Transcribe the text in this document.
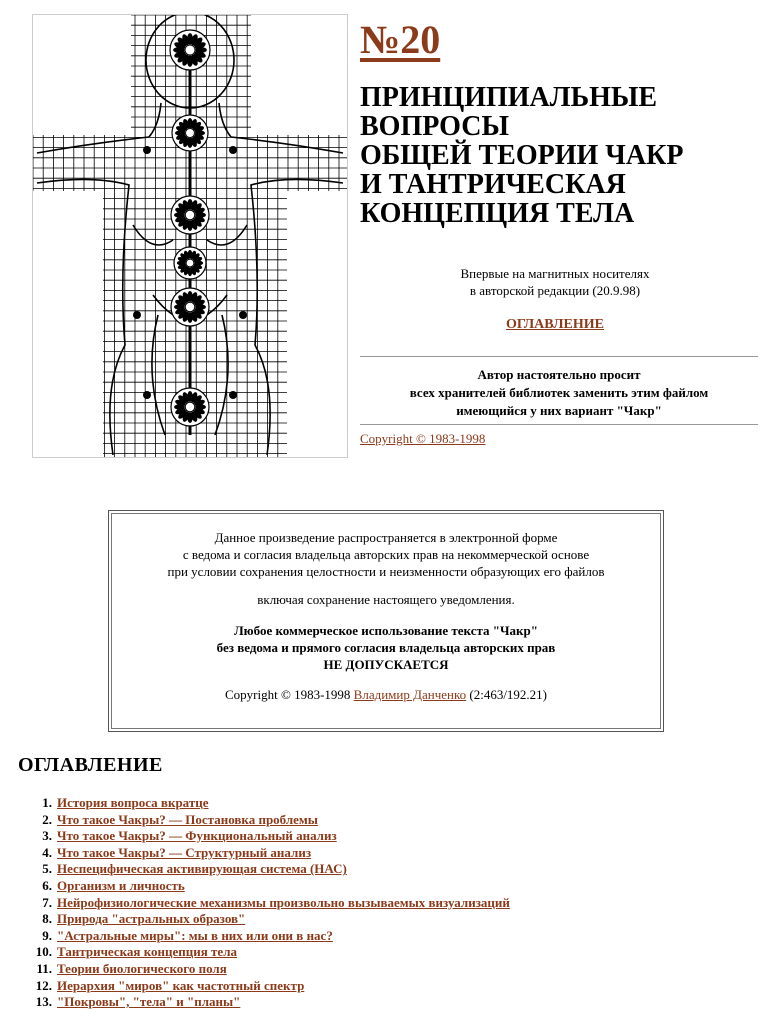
№20
ПРИНЦИПИАЛЬНЫЕ
ВОПРОСЫ
ОБЩЕЙ ТЕОРИИ ЧАКР
И ТАНТРИЧЕСКАЯ
КОНЦЕПЦИЯ ТЕЛА
Впервые на магнитных носителях
в авторской редакции (20.9.98)
ОГЛАВЛЕНИЕ
Автор настоятельно просит
всех хранителей библиотек заменить этим файлом
имеющийся у них вариант "Чакр"
Copyright © 1983-1998
Данное произведение распространяется в электронной форме
с ведома и согласия владельца авторских прав на некоммерческой основе
при условии сохранения целостности и неизменности образующих его файлов
включая сохранение настоящего уведомления.
Любое коммерческое использование текста "Чакр"
без ведома и прямого согласия владельца авторских прав
НЕ ДОПУСКАЕТСЯ
Copyright © 1983-1998 Владимир Данченко (2:463/192.21)
ОГЛАВЛЕНИЕ
1. История вопроса вкратце
2. Что такое Чакры? — Постановка проблемы
3. Что такое Чакры? — Функциональный анализ
4. Что такое Чакры? — Структурный анализ
5. Неспецифическая активирующая система (НАС)
6. Организм и личность
7. Нейрофизиологические механизмы произвольно вызываемых визуализаций
8. Природа "астральных образов"
9. "Астральные миры": мы в них или они в нас?
10. Тантрическая концепция тела
11. Теории биологического поля
12. Иерархия "миров" как частотный спектр
13. "Покровы", "тела" и "планы"
